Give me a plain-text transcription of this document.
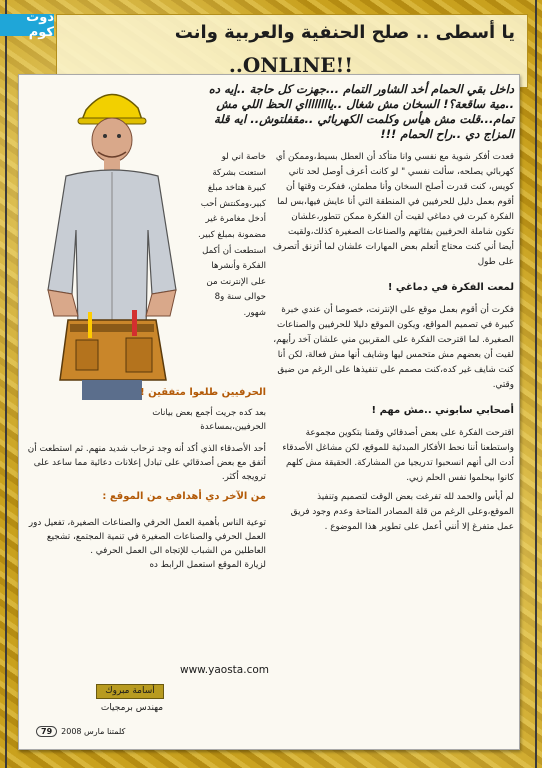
دوت كوم	يا أسطى .. صلح الحنفية والعربية وانت
!!ONLINE..
داخل بقي الحمام أخد الشاور التمام ...جهزت كل حاجة ..إيه ده ..مية ساقعة؟! السخان مش شغال ..يااااااااي الحظ اللي مش تمام...قلت مش هيأس وكلمت الكهربائي ..مقفلتوش.. ايه قلة المزاج دي ..راح الحمام !!!

قعدت أفكر شوية مع نفسي وانا متأكد أن العطل بسيط،وممكن أي كهربائي يصلحه، سألت نفسي " لو كانت أعرف أوصل لحد تاني كويس، كنت قدرت أصلح السخان وأنا مطمئن، ففكرت وقتها أن أقوم بعمل دليل للحرفيين في المنطقة التي أنا عايش فيها،بس لما الفكرة كبرت في دماغي لقيت أن الفكرة ممكن تتطور،علشان تكون شاملة الحرفيين بفئاتهم والصناعات الصغيرة كذلك،ولقيت أيضا أني كنت محتاج أتعلم بعض المهارات علشان لما أتزنق أتصرف على طول

لمعت الفكرة في دماغي !

فكرت أن أقوم بعمل موقع على الإنترنت، خصوصا أن عندي خبرة كبيرة في تصميم المواقع، ويكون الموقع دليلا للحرفيين والصناعات الصغيرة. لما اقترحت الفكرة على المقربين مني علشان آخد رأيهم، لقيت أن بعضهم مش متحمس ليها وشايف أنها مش فعالة، لكن أنا كنت شايف غير كده،كنت مصمم على تنفيذها على الرغم من ضيق وقتي.

أصحابي سابوني ..مش مهم !

اقترحت الفكرة على بعض أصدقائي وقمنا بتكوين مجموعة واستطعنا أننا نحط الأفكار المبدئية للموقع، لكن مشاغل الأصدقاء أدت الى أنهم انسحبوا تدريجيا من المشاركة. الحقيقة مش كلهم كانوا بيحلموا نفس الحلم زيي.

لم أيأس والحمد لله تفرغت بعض الوقت لتصميم وتنفيذ الموقع،وعلى الرغم من قلة المصادر المتاحة وعدم وجود فريق عمل متفرغ إلا أنني أعمل على تطوير هذا الموضوع .

خاصة اني لو استعنت بشركة كبيرة هتاخد مبلغ كبير،ومكنتش أحب أدخل مغامرة غير مضمونة بمبلغ كبير. استطعت أن أكمل الفكرة وأنشرها على الإنترنت من حوالى سنة و8 شهور.
الحرفيين طلعوا متفقين !

بعد كده جريت أجمع بعض بيانات الحرفيين،بمساعدة

أحد الأصدقاء الذي أكد أنه وجد ترحاب شديد منهم. ثم استطعت أن أتفق مع بعض أصدقائي على تبادل إعلانات دعائية مما ساعد على ترويجه أكثر.

من الآخر دي أهدافي من الموقع :

توعية الناس بأهمية العمل الحرفي والصناعات الصغيرة، تفعيل دور العمل الحرفي والصناعات الصغيرة في تنمية المجتمع، تشجيع العاطلين من الشباب للإتجاه الى العمل الحرفي .

لزيارة الموقع استعمل الرابط ده

www.yaosta.com
أسامة مبروك
مهندس برمجيات
كلمتنا مارس 2008
79
